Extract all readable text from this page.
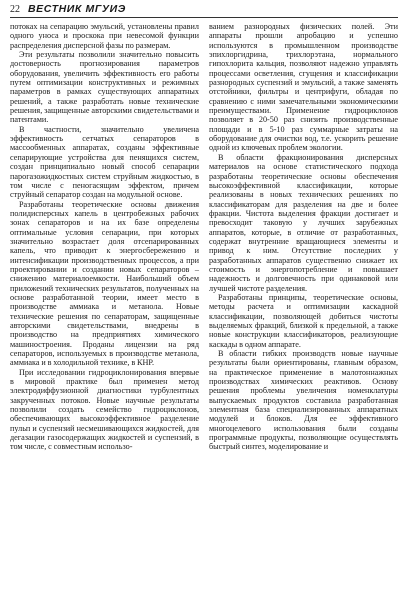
22 ВЕСТНИК МГУИЭ

потоках на сепарацию эмульсий, установлены правил одного уноса и проскока при невесомой функции распределения дисперсной фазы по размерам.

Эти результаты позволили значительно повысить достоверность прогнозирования параметров оборудования, увеличить эффективность его работы путем оптимизации конструктивных и режимных параметров в рамках существующих аппаратных решений, а также разработать новые технические решения, защищенные авторскими свидетельствами и патентами.

В частности, значительно увеличена эффективность сетчатых сепараторов в массообменных аппаратах, созданы эффективные сепарирующие устройства для пенящихся систем, создан принципиально новый способ сепарации парогазожидкостных систем струйным жидкостью, в том числе с пеногасящим эффектом, причем струйный сепаратор создан на модульной основе.

Разработаны теоретические основы движения полидисперсных капель в центробежных рабочих зонах сепараторов и на их базе определены оптимальные условия сепарации, при которых значительно возрастает доля отсепарированных капель, что приводит к энергосбережению и интенсификации производственных процессов, а при проектировании и создании новых сепараторов – снижению материалоемкости. Наибольший объем приложений технических результатов, полученных на основе разработанной теории, имеет место в производстве аммиака и метанола. Новые технические решения по сепараторам, защищенные авторскими свидетельствами, внедрены в производство на предприятиях химического машиностроения. Проданы лицензии на ряд сепараторов, используемых в производстве метанола, аммиака и в холодильной технике, в КНР.

При исследовании гидроциклонирования впервые в мировой практике был применен метод электродиффузионной диагностики турбулентных закрученных потоков. Новые научные результаты позволили создать семейство гидроциклонов, обеспечивающих высокоэффективное разделение пульп и суспензий несмешивающихся жидкостей, для дегазации газосодержащих жидкостей и суспензий, в том числе, с совместным использо-

ванием разнородных физических полей. Эти аппараты прошли апробацию и успешно используются в промышленном производстве эпихлоргидрина, трихлорэтана, нормального гипохлорита кальция, позволяют надежно управлять процессами осветления, сгущения и классификации разнородных суспензий и эмульсий, а также заменять отстойники, фильтры и центрифуги, обладая по сравнению с ними замечательными экономическими преимуществами. Применение гидроциклонов позволяет в 20-50 раз снизить производственные площади и в 5-10 раз суммарные затраты на оборудование для очистки вод, т.е. ускорить решение одной из ключевых проблем экологии.

В области фракционирования дисперсных материалов на основе статистического подхода разработаны теоретические основы обеспечения высокоэффективной классификации, которые реализованы в новых технических решениях по классификаторам для разделения на две и более фракции. Чистота выделения фракции достигает и превосходит таковую у лучших зарубежных аппаратов, которые, в отличие от разработанных, содержат внутренние вращающиеся элементы и привод к ним. Отсутствие последних у разработанных аппаратов существенно снижает их стоимость и энергопотребление и повышает надежность и долговечность при одинаковой или лучшей чистоте разделения.

Разработаны принципы, теоретические основы, методы расчета и оптимизации каскадной классификации, позволяющей добиться чистоты выделяемых фракций, близкой к предельной, а также новые конструкции классификаторов, реализующие каскады в одном аппарате.

В области гибких производств новые научные результаты были ориентированы, главным образом, на практическое применение в малотоннажных производствах химических реактивов. Основу решения проблемы увеличения номенклатуры выпускаемых продуктов составила разработанная элементная база специализированных аппаратных модулей и блоков. Для ее эффективного многоцелевого использования были созданы программные продукты, позволяющие осуществлять быстрый синтез, моделирование и
